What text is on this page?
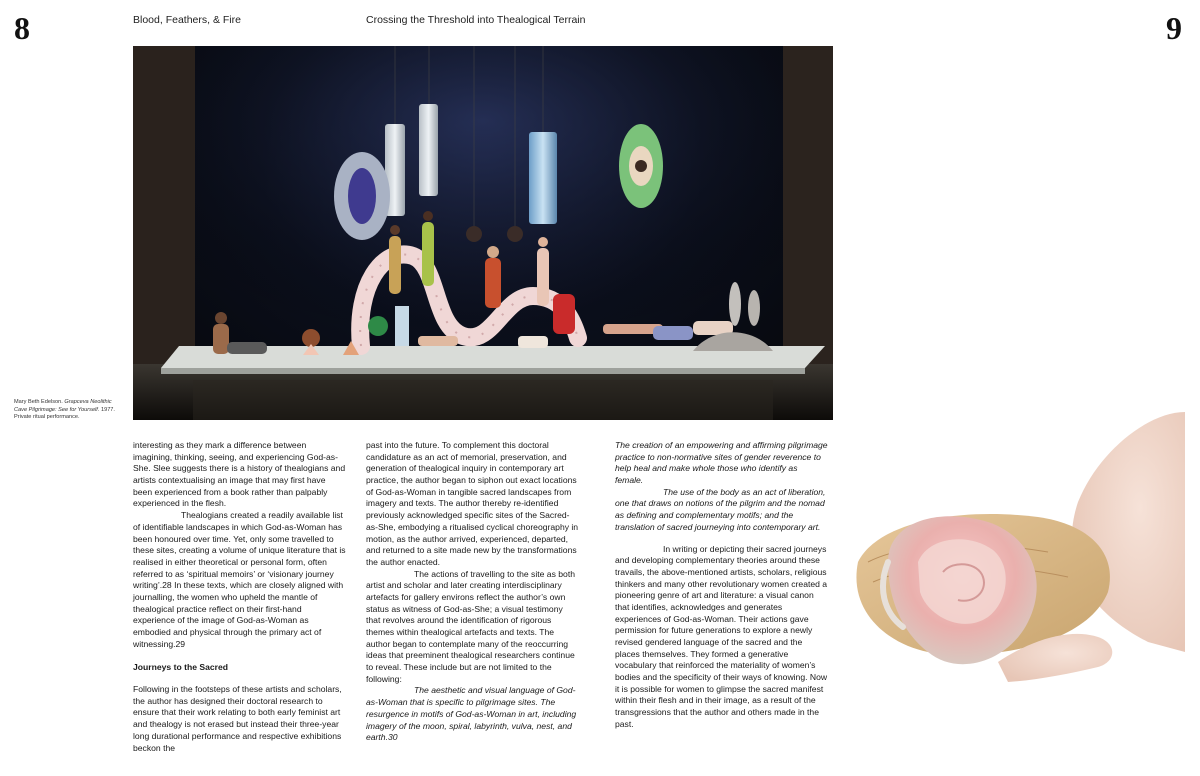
8	Blood, Feathers, & Fire	Crossing the Threshold into Thealogical Terrain	9
Mary Beth Edelson. Grapceva Neolithic Cave Pilgrimage: See for Yourself. 1977. Private ritual performance.

interesting as they mark a difference between imagining, thinking, seeing, and experiencing God-as-She. Slee suggests there is a history of thealogians and artists contextualising an image that may first have been experienced from a book rather than palpably experienced in the flesh.

Thealogians created a readily available list of identifiable landscapes in which God-as-Woman has been honoured over time. Yet, only some travelled to these sites, creating a volume of unique literature that is realised in either theoretical or personal form, often referred to as ‘spiritual memoirs’ or ‘visionary journey writing’.28 In these texts, which are closely aligned with journalling, the women who upheld the mantle of thealogical practice reflect on their first-hand experience of the image of God-as-Woman as embodied and physical through the primary act of witnessing.29

Journeys to the Sacred

Following in the footsteps of these artists and scholars, the author has designed their doctoral research to ensure that their work relating to both early feminist art and thealogy is not erased but instead their three-year long durational performance and respective exhibitions beckon the

past into the future. To complement this doctoral candidature as an act of memorial, preservation, and generation of thealogical inquiry in contemporary art practice, the author began to siphon out exact locations of God-as-Woman in tangible sacred landscapes from imagery and texts. The author thereby re-identified previously acknowledged specific sites of the Sacred-as-She, embodying a ritualised cyclical choreography in motion, as the author arrived, experienced, departed, and returned to a site made new by the transformations the author enacted.

The actions of travelling to the site as both artist and scholar and later creating interdisciplinary artefacts for gallery environs reflect the author’s own status as witness of God-as-She; a visual testimony that revolves around the identification of rigorous themes within thealogical artefacts and texts. The author began to contemplate many of the reoccurring ideas that preeminent thealogical researchers continue to reveal. These include but are not limited to the following:

The aesthetic and visual language of God-as-Woman that is specific to pilgrimage sites. The resurgence in motifs of God-as-Woman in art, including imagery of the moon, spiral, labyrinth, vulva, nest, and earth.30

The creation of an empowering and affirming pilgrimage practice to non-normative sites of gender reverence to help heal and make whole those who identify as female.

The use of the body as an act of liberation, one that draws on notions of the pilgrim and the nomad as defining and complementary motifs; and the translation of sacred journeying into contemporary art.

In writing or depicting their sacred journeys and developing complementary theories around these travails, the above-mentioned artists, scholars, religious thinkers and many other revolutionary women created a pioneering genre of art and literature: a visual canon that identifies, acknowledges and generates experiences of God-as-Woman. Their actions gave permission for future generations to explore a newly revised gendered language of the sacred and the places themselves. They formed a generative vocabulary that reinforced the materiality of women’s bodies and the specificity of their ways of knowing. Now it is possible for women to glimpse the sacred manifest within their flesh and in their image, as a result of the transgressions that the author and others made in the past.
